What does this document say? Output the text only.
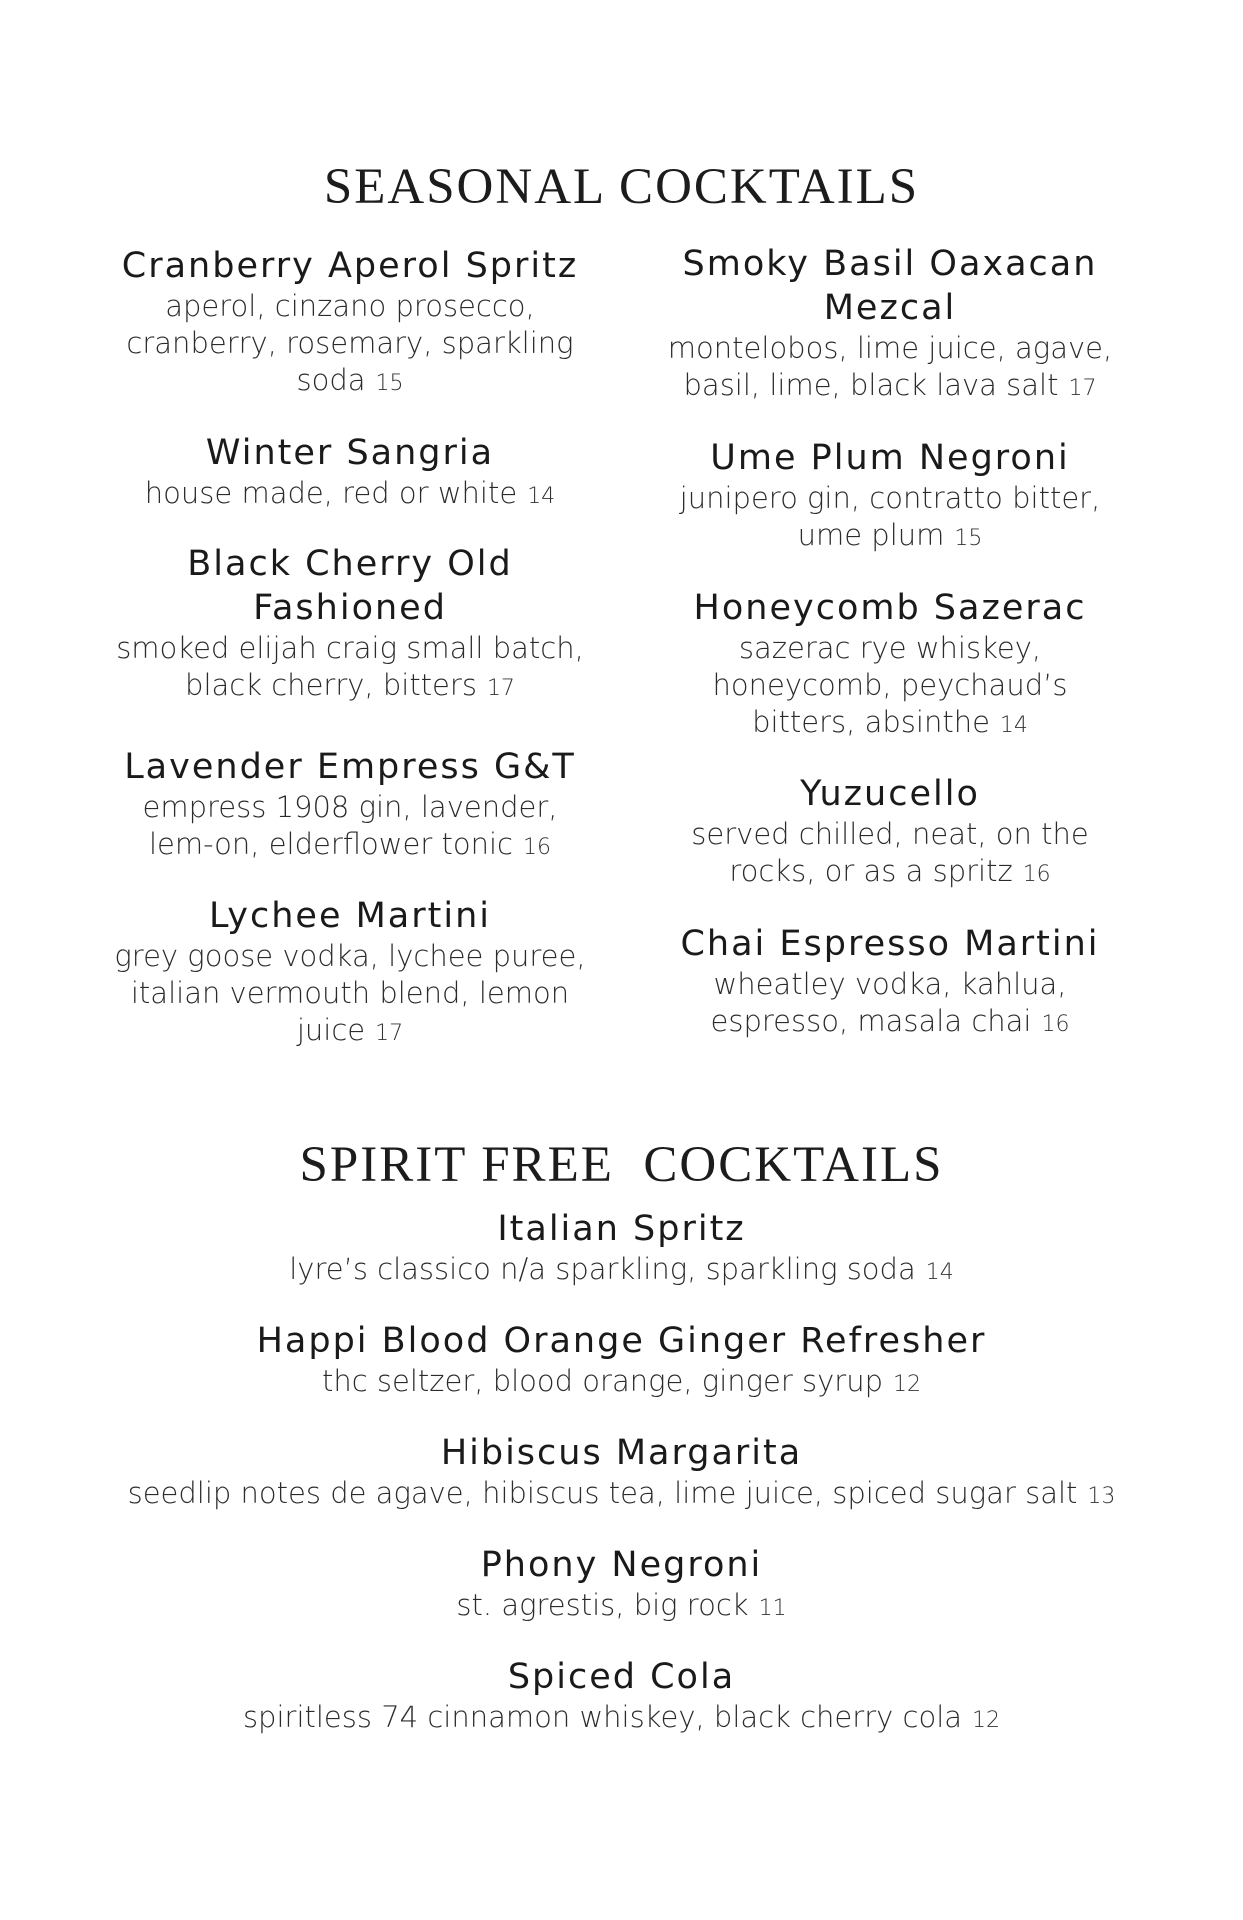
SEASONAL COCKTAILS
Cranberry Aperol Spritz
aperol, cinzano prosecco, cranberry, rosemary, sparkling soda 15
Winter Sangria
house made, red or white 14
Black Cherry Old Fashioned
smoked elijah craig small batch, black cherry, bitters 17
Lavender Empress G&T
empress 1908 gin, lavender, lem-on, elderflower tonic 16
Lychee Martini
grey goose vodka, lychee puree, italian vermouth blend, lemon juice 17
Smoky Basil Oaxacan Mezcal
montelobos, lime juice, agave, basil, lime, black lava salt 17
Ume Plum Negroni
junipero gin, contratto bitter, ume plum 15
Honeycomb Sazerac
sazerac rye whiskey, honeycomb, peychaud’s bitters, absinthe 14
Yuzucello
served chilled, neat, on the rocks, or as a spritz 16
Chai Espresso Martini
wheatley vodka, kahlua, espresso, masala chai 16
SPIRIT FREE  COCKTAILS
Italian Spritz
lyre’s classico n/a sparkling, sparkling soda 14
Happi Blood Orange Ginger Refresher
thc seltzer, blood orange, ginger syrup 12
Hibiscus Margarita
seedlip notes de agave, hibiscus tea, lime juice, spiced sugar salt 13
Phony Negroni
st. agrestis, big rock 11
Spiced Cola
spiritless 74 cinnamon whiskey, black cherry cola 12
